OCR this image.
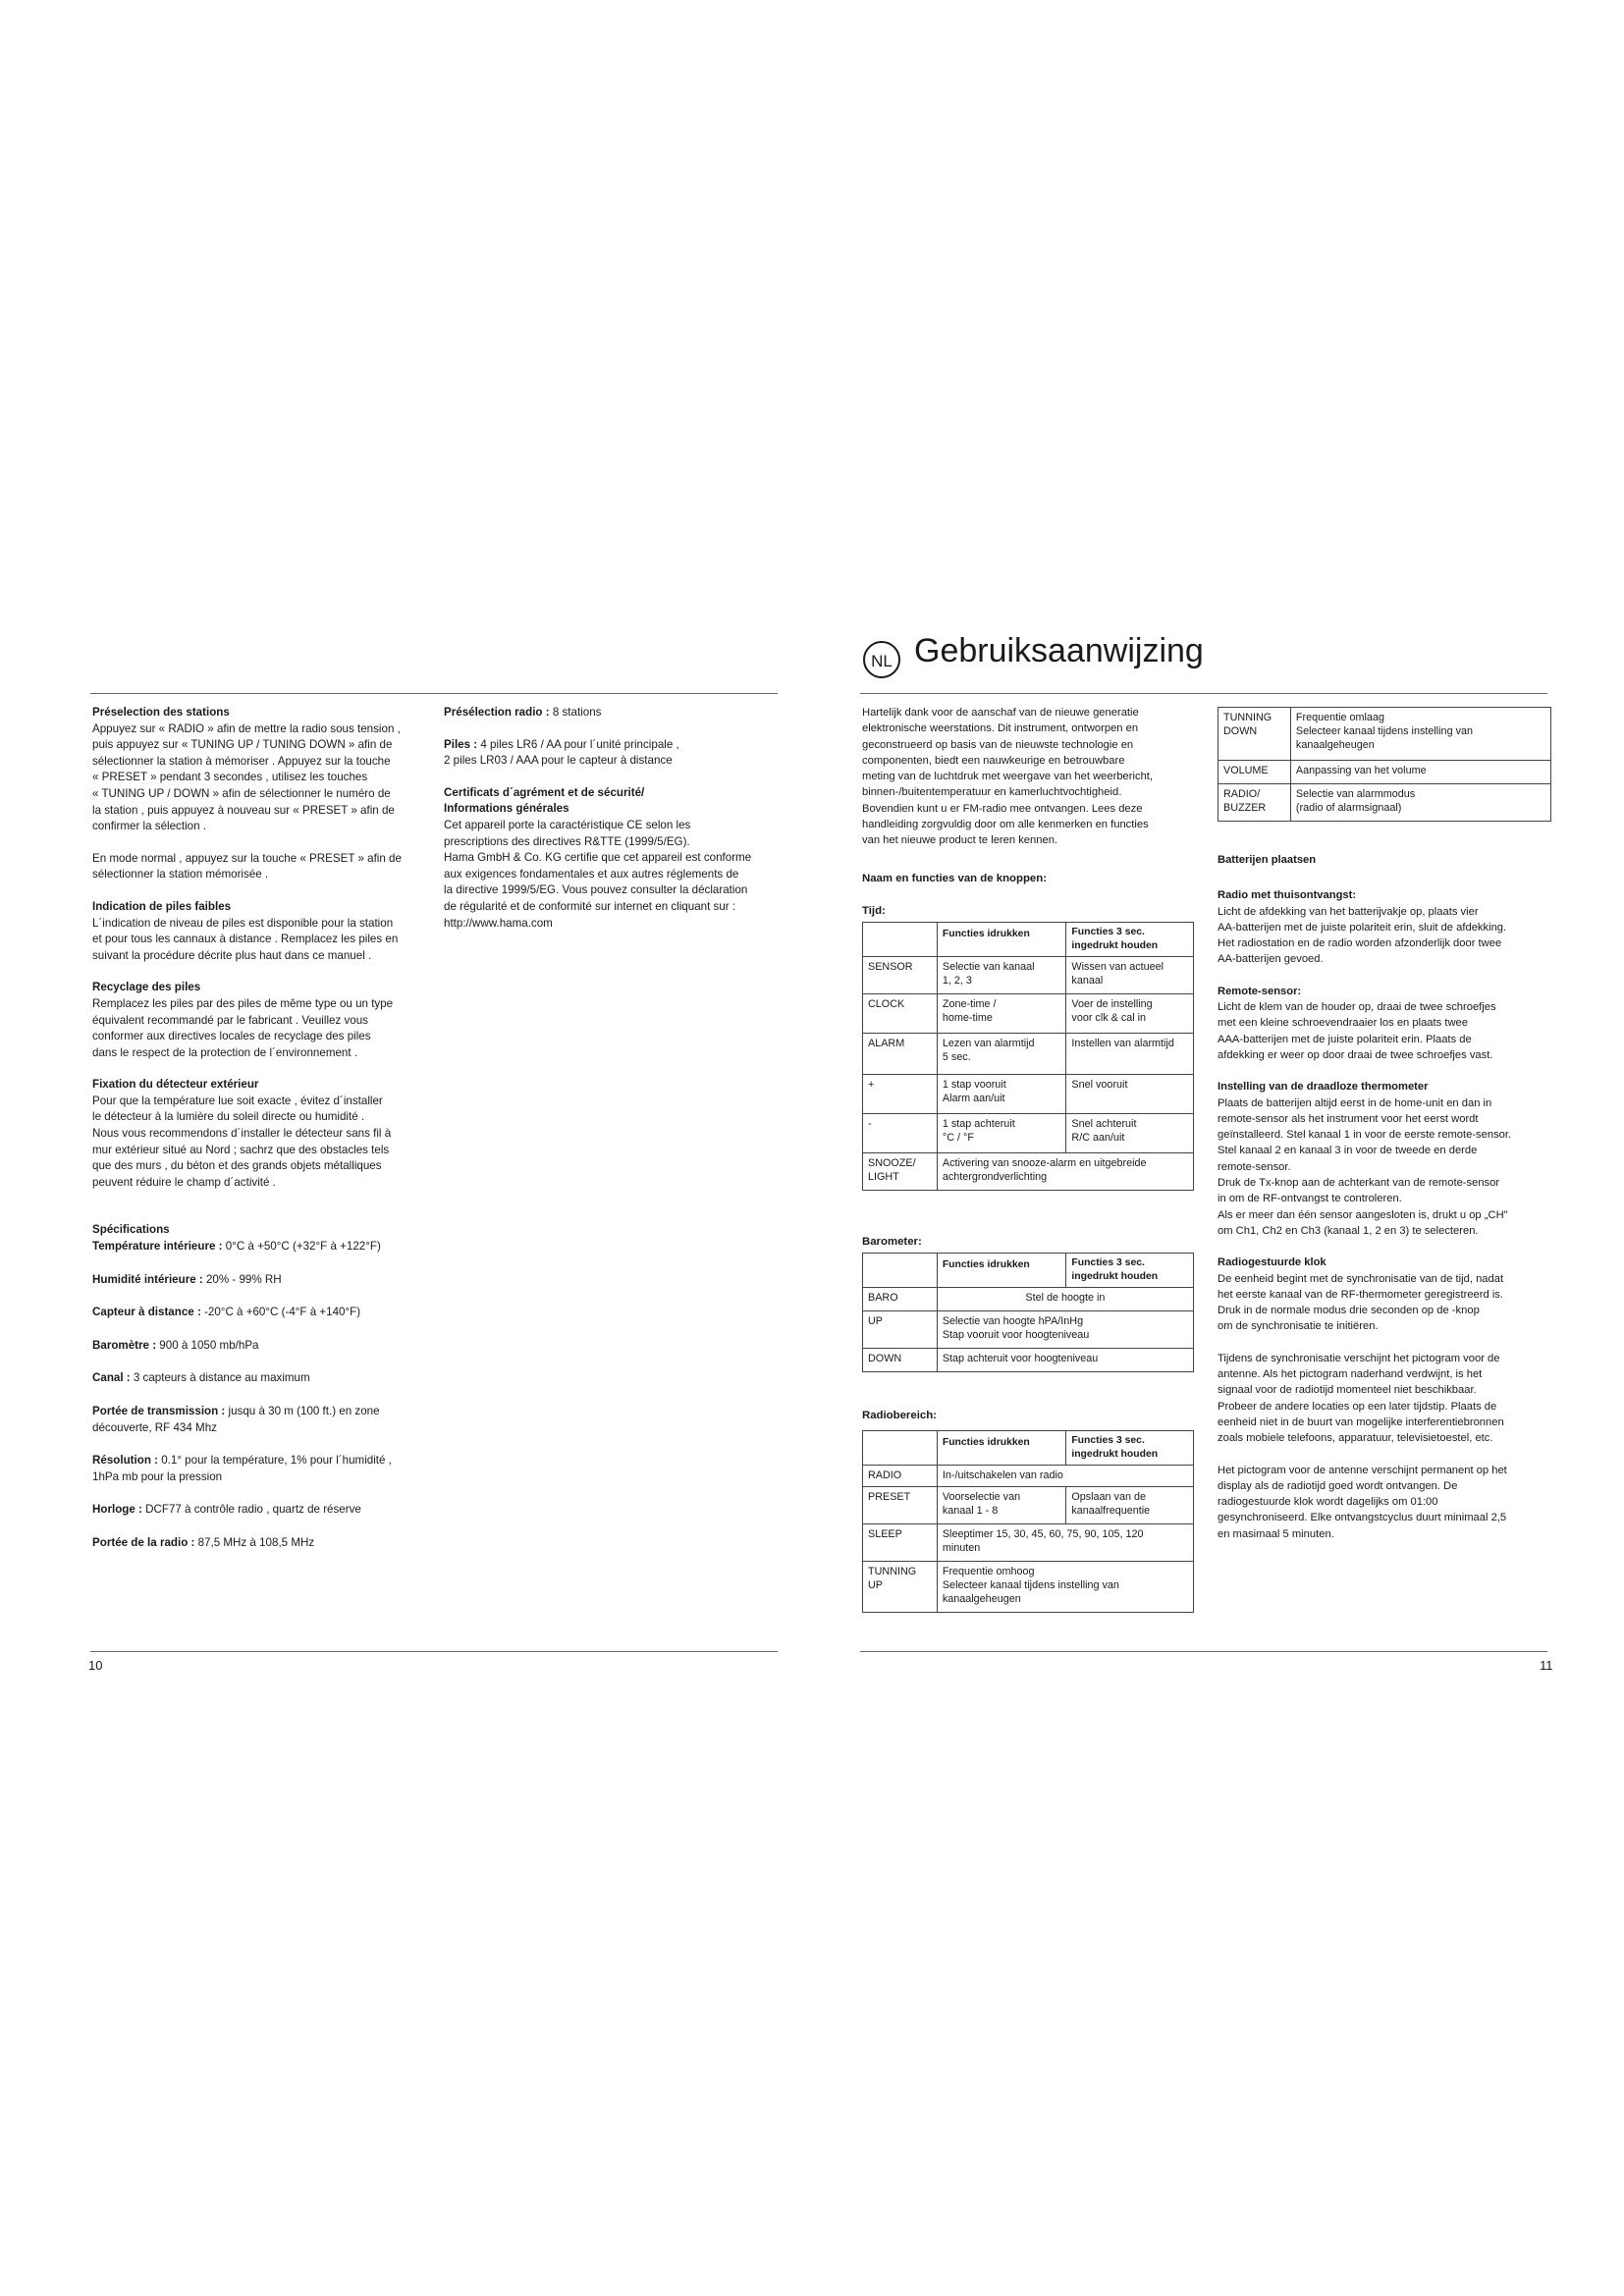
Préselection des stations

Appuyez sur « RADIO » afin de mettre la radio sous tension ,
puis appuyez sur « TUNING UP / TUNING DOWN » afin de
sélectionner la station à mémoriser . Appuyez sur la touche
« PRESET » pendant 3 secondes , utilisez les touches
« TUNING UP / DOWN » afin de sélectionner le numéro de
la station , puis appuyez à nouveau sur « PRESET » afin de
confirmer la sélection .

En mode normal , appuyez sur la touche « PRESET » afin de
sélectionner la station mémorisée .

Indication de piles faibles

L´indication de niveau de piles est disponible pour la station
et pour tous les cannaux à distance . Remplacez les piles en
suivant la procédure décrite plus haut dans ce manuel .

Recyclage des piles

Remplacez les piles par des piles de même type ou un type
équivalent recommandé par le fabricant . Veuillez vous
conformer aux directives locales de recyclage des piles
dans le respect de la protection de l´environnement .

Fixation du détecteur extérieur

Pour que la température lue soit exacte , évitez d´installer
le détecteur à la lumière du soleil directe ou humidité .
Nous vous recommendons d´installer le détecteur sans fil à
mur extérieur situé au Nord ; sachrz que des obstacles tels
que des murs , du béton et des grands objets métalliques
peuvent réduire le champ d´activité .

Spécifications

Température intérieure : 0°C à +50°C (+32°F à +122°F)

Humidité intérieure : 20% - 99% RH

Capteur à distance : -20°C à +60°C (-4°F à +140°F)

Baromètre : 900 à 1050 mb/hPa

Canal : 3 capteurs à distance au maximum

Portée de transmission : jusqu à 30 m (100 ft.) en zone
découverte, RF 434 Mhz

Résolution : 0.1° pour la température, 1% pour l´humidité ,
1hPa mb pour la pression

Horloge : DCF77 à contrôle radio , quartz de réserve

Portée de la radio : 87,5 MHz à 108,5 MHz

Présélection radio : 8 stations

Piles : 4 piles LR6 / AA pour l´unité principale ,
2 piles LR03 / AAA pour le capteur à distance

Certificats d´agrément et de sécurité/
Informations générales

Cet appareil porte la caractéristique CE selon les
prescriptions des directives R&TTE (1999/5/EG).
Hama GmbH & Co. KG certifie que cet appareil est conforme
aux exigences fondamentales et aux autres réglements de
la directive 1999/5/EG. Vous pouvez consulter la déclaration
de régularité et de conformité sur internet en cliquant sur :
http://www.hama.com

10
NL Gebruiksaanwijzing

Hartelijk dank voor de aanschaf van de nieuwe generatie
elektronische weerstations. Dit instrument, ontworpen en
geconstrueerd op basis van de nieuwste technologie en
componenten, biedt een nauwkeurige en betrouwbare
meting van de luchtdruk met weergave van het weerbericht,
binnen-/buitentemperatuur en kamerluchtvochtigheid.
Bovendien kunt u er FM-radio mee ontvangen. Lees deze
handleiding zorgvuldig door om alle kenmerken en functies
van het nieuwe product te leren kennen.

Naam en functies van de knoppen:
Tijd:
	Functies idrukken	Functies 3 sec.
ingedrukt houden
SENSOR	Selectie van kanaal
1, 2, 3	Wissen van actueel
kanaal
CLOCK	Zone-time /
home-time	Voer de instelling
voor clk & cal in
ALARM	Lezen van alarmtijd
5 sec.	Instellen van alarmtijd
+	1 stap vooruit
Alarm aan/uit	Snel vooruit
-	1 stap achteruit
°C / °F	Snel achteruit
R/C aan/uit
SNOOZE/
LIGHT	Activering van snooze-alarm en uitgebreide
achtergrondverlichting	
Barometer:
	Functies idrukken	Functies 3 sec.
ingedrukt houden
BARO	Stel de hoogte in	
UP	Selectie van hoogte hPA/InHg
Stap vooruit voor hoogteniveau	
DOWN	Stap achteruit voor hoogteniveau	
Radiobereich:
	Functies idrukken	Functies 3 sec.
ingedrukt houden
RADIO	In-/uitschakelen van radio	
PRESET	Voorselectie van
kanaal 1 - 8	Opslaan van de
kanaalfrequentie
SLEEP	Sleeptimer 15, 30, 45, 60, 75, 90, 105, 120
minuten	
TUNNING
UP	Frequentie omhoog
Selecteer kanaal tijdens instelling van
kanaalgeheugen	
TUNNING
DOWN	Frequentie omlaag
Selecteer kanaal tijdens instelling van
kanaalgeheugen
VOLUME	Aanpassing van het volume
RADIO/
BUZZER	Selectie van alarmmodus
(radio of alarmsignaal)

Batterijen plaatsen

Radio met thuisontvangst:

Licht de afdekking van het batterijvakje op, plaats vier
AA-batterijen met de juiste polariteit erin, sluit de afdekking.
Het radiostation en de radio worden afzonderlijk door twee
AA-batterijen gevoed.

Remote-sensor:

Licht de klem van de houder op, draai de twee schroefjes
met een kleine schroevendraaier los en plaats twee
AAA-batterijen met de juiste polariteit erin. Plaats de
afdekking er weer op door draai de twee schroefjes vast.

Instelling van de draadloze thermometer

Plaats de batterijen altijd eerst in de home-unit en dan in
remote-sensor als het instrument voor het eerst wordt
geïnstalleerd. Stel kanaal 1 in voor de eerste remote-sensor.
Stel kanaal 2 en kanaal 3 in voor de tweede en derde
remote-sensor.
Druk de Tx-knop aan de achterkant van de remote-sensor
in om de RF-ontvangst te controleren.
Als er meer dan één sensor aangesloten is, drukt u op „CH"
om Ch1, Ch2 en Ch3 (kanaal 1, 2 en 3) te selecteren.

Radiogestuurde klok

De eenheid begint met de synchronisatie van de tijd, nadat
het eerste kanaal van de RF-thermometer geregistreerd is.
Druk in de normale modus drie seconden op de -knop
om de synchronisatie te initiëren.

Tijdens de synchronisatie verschijnt het pictogram voor de
antenne. Als het pictogram naderhand verdwijnt, is het
signaal voor de radiotijd momenteel niet beschikbaar.
Probeer de andere locaties op een later tijdstip. Plaats de
eenheid niet in de buurt van mogelijke interferentiebronnen
zoals mobiele telefoons, apparatuur, televisietoestel, etc.

Het pictogram voor de antenne verschijnt permanent op het
display als de radiotijd goed wordt ontvangen. De
radiogestuurde klok wordt dagelijks om 01:00
gesynchroniseerd. Elke ontvangstcyclus duurt minimaal 2,5
en masimaal 5 minuten.

11
